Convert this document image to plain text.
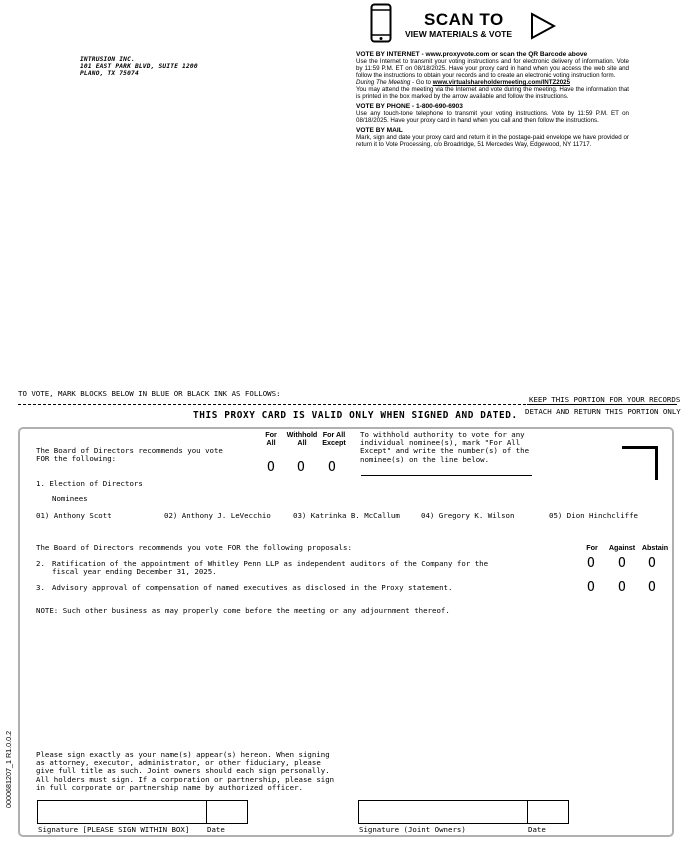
INTRUSION INC.
101 EAST PARK BLVD, SUITE 1200
PLANO, TX 75074
SCAN TO
VIEW MATERIALS & VOTE
VOTE BY INTERNET - www.proxyvote.com or scan the QR Barcode above

Use the Internet to transmit your voting instructions and for electronic delivery of information. Vote by 11:59 P.M. ET on 08/18/2025. Have your proxy card in hand when you access the web site and follow the instructions to obtain your records and to create an electronic voting instruction form.

During The Meeting - Go to www.virtualshareholdermeeting.com/INTZ2025

You may attend the meeting via the Internet and vote during the meeting. Have the information that is printed in the box marked by the arrow available and follow the instructions.

VOTE BY PHONE - 1-800-690-6903

Use any touch-tone telephone to transmit your voting instructions. Vote by 11:59 P.M. ET on 08/18/2025. Have your proxy card in hand when you call and then follow the instructions.

VOTE BY MAIL

Mark, sign and date your proxy card and return it in the postage-paid envelope we have provided or return it to Vote Processing, c/o Broadridge, 51 Mercedes Way, Edgewood, NY 11717.

TO VOTE, MARK BLOCKS BELOW IN BLUE OR BLACK INK AS FOLLOWS:
KEEP THIS PORTION FOR YOUR RECORDS
THIS PROXY CARD IS VALID ONLY WHEN SIGNED AND DATED. DETACH AND RETURN THIS PORTION ONLY
For All
Withhold All
For All Except
O O O
To withhold authority to vote for any individual nominee(s), mark "For All Except" and write the number(s) of the nominee(s) on the line below.
The Board of Directors recommends you vote FOR the following:
1. Election of Directors
Nominees
01) Anthony Scott	02) Anthony J. LeVecchio	03) Katrinka B. McCallum	04) Gregory K. Wilson	05) Dion Hinchcliffe
The Board of Directors recommends you vote FOR the following proposals:	For	Against Abstain
2. Ratification of the appointment of Whitley Penn LLP as independent auditors of the Company for the fiscal year ending December 31, 2025.
O O O
3. Advisory approval of compensation of named executives as disclosed in the Proxy statement.	O O O
NOTE: Such other business as may properly come before the meeting or any adjournment thereof.
Please sign exactly as your name(s) appear(s) hereon. When signing as attorney, executor, administrator, or other fiduciary, please give full title as such. Joint owners should each sign personally. All holders must sign. If a corporation or partnership, please sign in full corporate or partnership name by authorized officer.
Signature [PLEASE SIGN WITHIN BOX] Date	Signature (Joint Owners)	Date
0000681207_1 R1.0.0.2
